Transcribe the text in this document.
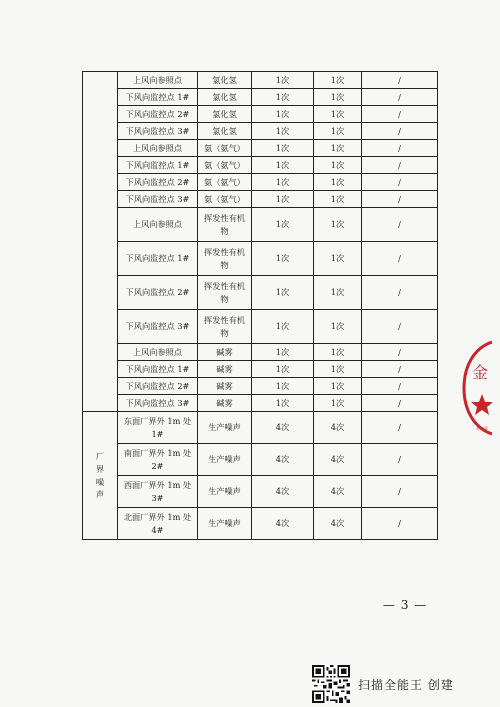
	上风向参照点	氯化氢	1次	1次	/
	下风向监控点 1#	氯化氢	1次	1次	/
	下风向监控点 2#	氯化氢	1次	1次	/
	下风向监控点 3#	氯化氢	1次	1次	/
	上风向参照点	氨（氨气）	1次	1次	/
	下风向监控点 1#	氨（氨气）	1次	1次	/
	下风向监控点 2#	氨（氨气）	1次	1次	/
	下风向监控点 3#	氨（氨气）	1次	1次	/
	上风向参照点	挥发性有机物	1次	1次	/
	下风向监控点 1#	挥发性有机物	1次	1次	/
	下风向监控点 2#	挥发性有机物	1次	1次	/
	下风向监控点 3#	挥发性有机物	1次	1次	/
	上风向参照点	碱雾	1次	1次	/
	下风向监控点 1#	碱雾	1次	1次	/
	下风向监控点 2#	碱雾	1次	1次	/
	下风向监控点 3#	碱雾	1次	1次	/
厂界噪声	东面厂界外 1m 处 1#	生产噪声	4次	4次	/
	南面厂界外 1m 处 2#	生产噪声	4次	4次	/
	西面厂界外 1m 处 3#	生产噪声	4次	4次	/
	北面厂界外 1m 处 4#	生产噪声	4次	4次	/
— 3 —
金
专用章
扫描全能王 创建
